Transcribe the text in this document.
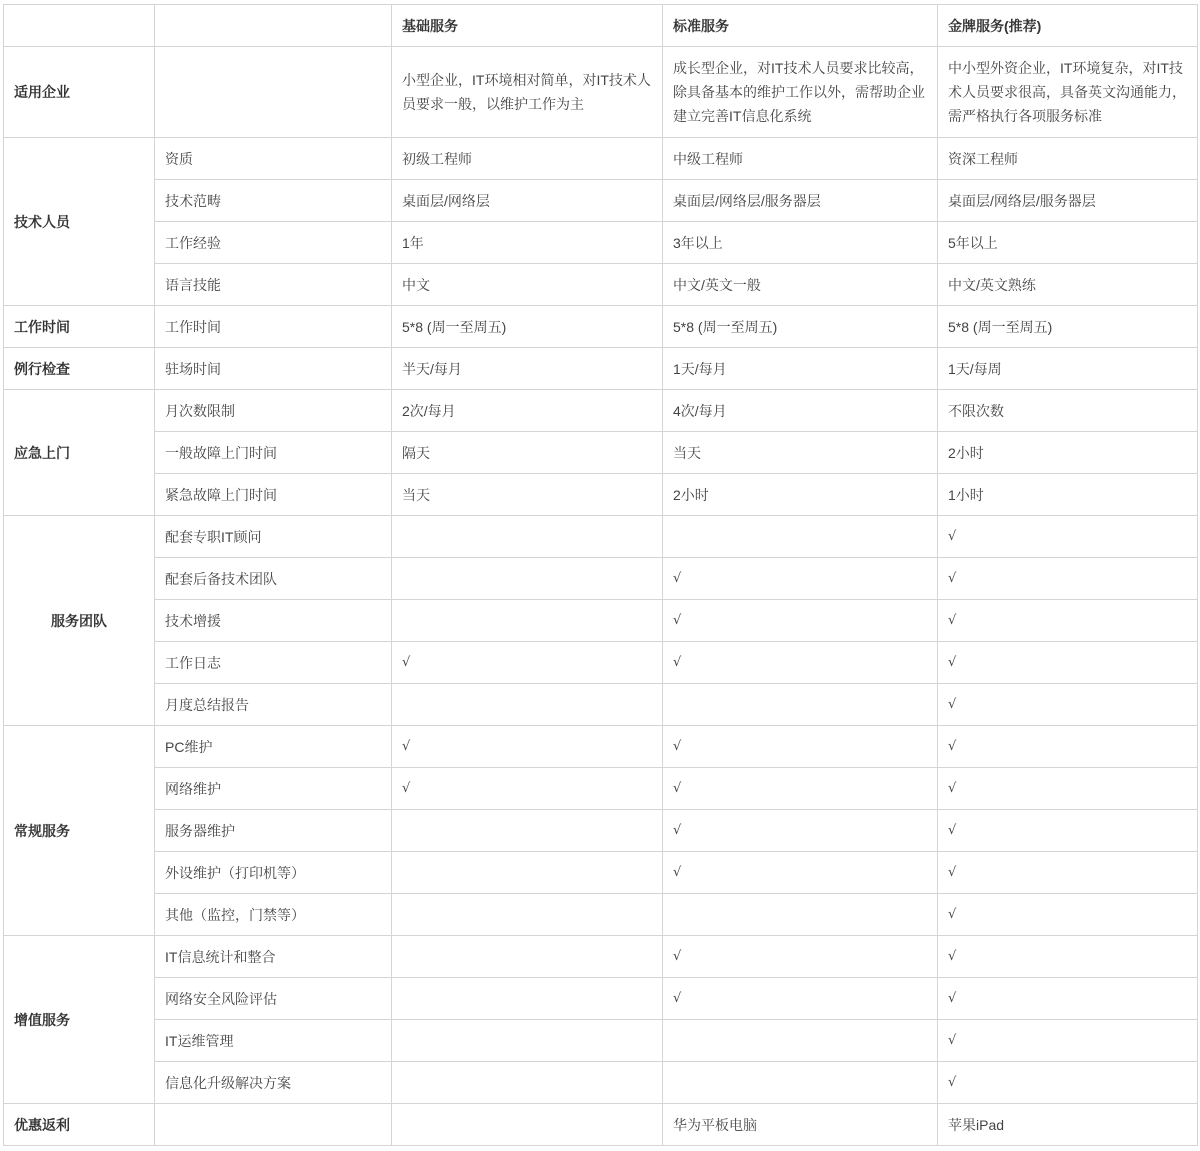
		基础服务	标准服务	金牌服务(推荐)
适用企业		小型企业，IT环境相对简单，对IT技术人员要求一般，以维护工作为主	成长型企业，对IT技术人员要求比较高，除具备基本的维护工作以外，需帮助企业建立完善IT信息化系统	中小型外资企业，IT环境复杂，对IT技术人员要求很高，具备英文沟通能力，需严格执行各项服务标准
技术人员	资质	初级工程师	中级工程师	资深工程师
	技术范畴	桌面层/网络层	桌面层/网络层/服务器层	桌面层/网络层/服务器层
	工作经验	1年	3年以上	5年以上
	语言技能	中文	中文/英文一般	中文/英文熟练
工作时间	工作时间	5*8 (周一至周五)	5*8 (周一至周五)	5*8 (周一至周五)
例行检查	驻场时间	半天/每月	1天/每月	1天/每周
应急上门	月次数限制	2次/每月	4次/每月	不限次数
	一般故障上门时间	隔天	当天	2小时
	紧急故障上门时间	当天	2小时	1小时
服务团队	配套专职IT顾问			√
	配套后备技术团队		√	√
	技术增援		√	√
	工作日志	√	√	√
	月度总结报告			√
常规服务	PC维护	√	√	√
	网络维护	√	√	√
	服务器维护		√	√
	外设维护（打印机等）		√	√
	其他（监控，门禁等）			√
增值服务	IT信息统计和整合		√	√
	网络安全风险评估		√	√
	IT运维管理			√
	信息化升级解决方案			√
优惠返利			华为平板电脑	苹果iPad
